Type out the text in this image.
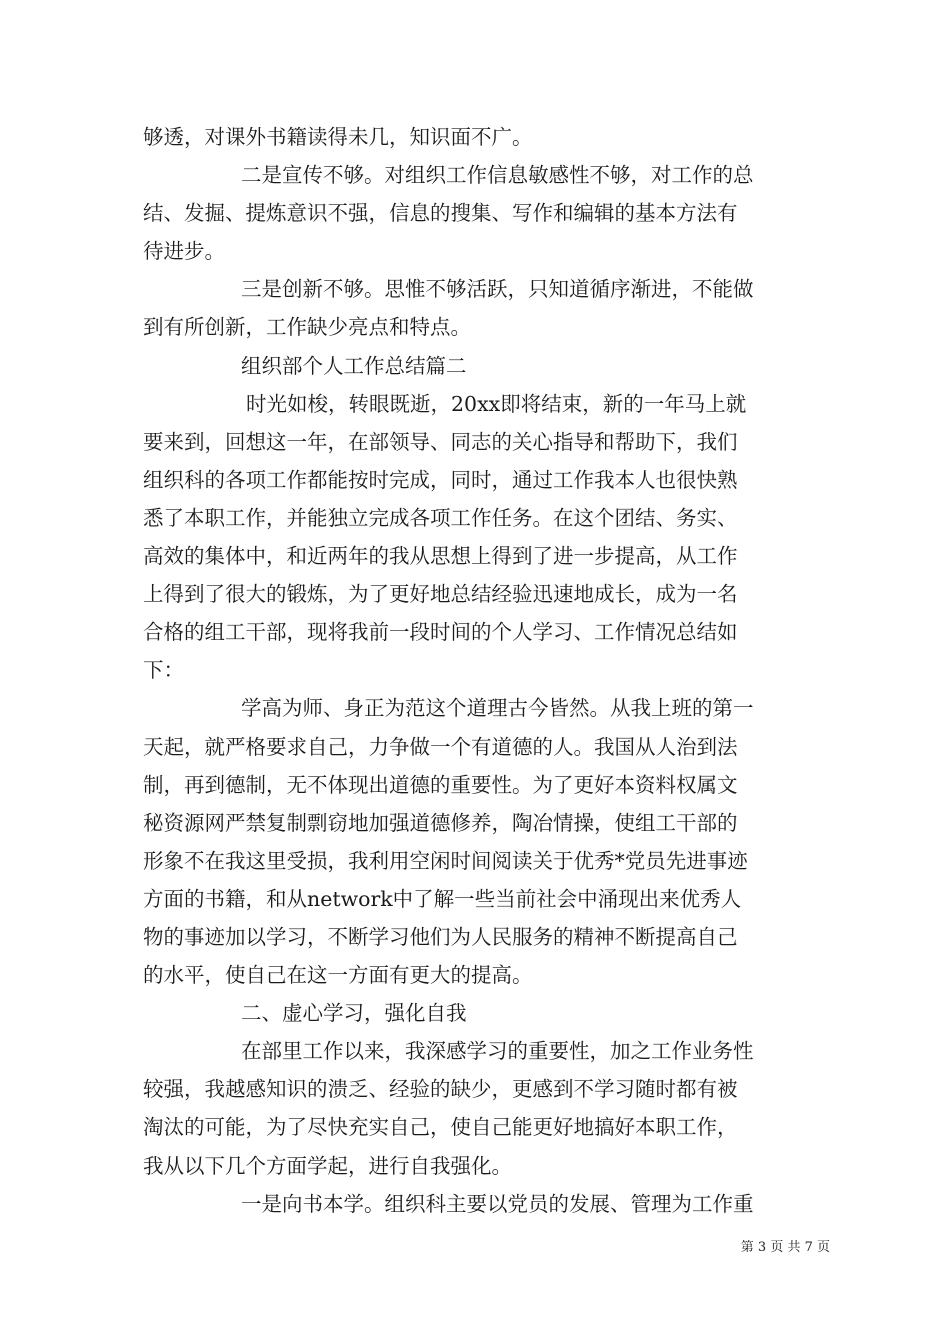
够透，对课外书籍读得未几，知识面不广。
二是宣传不够。对组织工作信息敏感性不够，对工作的总
结、发掘、提炼意识不强，信息的搜集、写作和编辑的基本方法有
待进步。
三是创新不够。思惟不够活跃，只知道循序渐进，不能做
到有所创新，工作缺少亮点和特点。
组织部个人工作总结篇二
时光如梭，转眼既逝，20xx即将结束，新的一年马上就
要来到，回想这一年，在部领导、同志的关心指导和帮助下，我们
组织科的各项工作都能按时完成，同时，通过工作我本人也很快熟
悉了本职工作，并能独立完成各项工作任务。在这个团结、务实、
高效的集体中，和近两年的我从思想上得到了进一步提高，从工作
上得到了很大的锻炼，为了更好地总结经验迅速地成长，成为一名
合格的组工干部，现将我前一段时间的个人学习、工作情况总结如
下：
学高为师、身正为范这个道理古今皆然。从我上班的第一
天起，就严格要求自己，力争做一个有道德的人。我国从人治到法
制，再到德制，无不体现出道德的重要性。为了更好本资料权属文
秘资源网严禁复制剽窃地加强道德修养，陶冶情操，使组工干部的
形象不在我这里受损，我利用空闲时间阅读关于优秀*党员先进事迹
方面的书籍，和从network中了解一些当前社会中涌现出来优秀人
物的事迹加以学习，不断学习他们为人民服务的精神不断提高自己
的水平，使自己在这一方面有更大的提高。
二、虚心学习，强化自我
在部里工作以来，我深感学习的重要性，加之工作业务性
较强，我越感知识的溃乏、经验的缺少，更感到不学习随时都有被
淘汰的可能，为了尽快充实自己，使自己能更好地搞好本职工作，
我从以下几个方面学起，进行自我强化。
一是向书本学。组织科主要以党员的发展、管理为工作重
第 3 页 共 7 页
